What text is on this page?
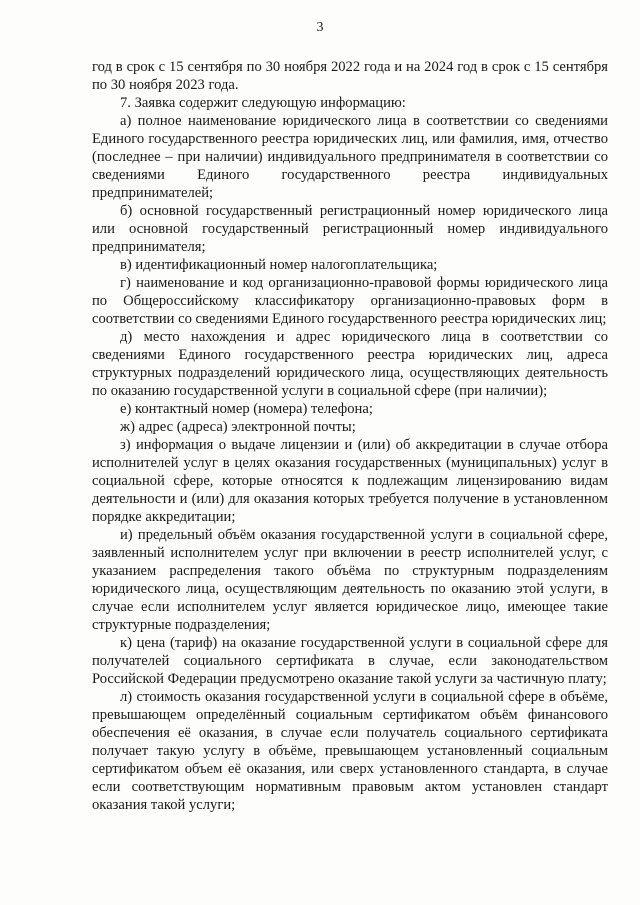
3

год в срок с 15 сентября по 30 ноября 2022 года и на 2024 год в срок с 15 сентября по 30 ноября 2023 года.

7. Заявка содержит следующую информацию:

а) полное наименование юридического лица в соответствии со сведениями Единого государственного реестра юридических лиц, или фамилия, имя, отчество (последнее – при наличии) индивидуального предпринимателя в соответствии со сведениями Единого государственного реестра индивидуальных предпринимателей;

б) основной государственный регистрационный номер юридического лица или основной государственный регистрационный номер индивидуального предпринимателя;

в) идентификационный номер налогоплательщика;

г) наименование и код организационно-правовой формы юридического лица по Общероссийскому классификатору организационно-правовых форм в соответствии со сведениями Единого государственного реестра юридических лиц;

д) место нахождения и адрес юридического лица в соответствии со сведениями Единого государственного реестра юридических лиц, адреса структурных подразделений юридического лица, осуществляющих деятельность по оказанию государственной услуги в социальной сфере (при наличии);

е) контактный номер (номера) телефона;

ж) адрес (адреса) электронной почты;

з) информация о выдаче лицензии и (или) об аккредитации в случае отбора исполнителей услуг в целях оказания государственных (муниципальных) услуг в социальной сфере, которые относятся к подлежащим лицензированию видам деятельности и (или) для оказания которых требуется получение в установленном порядке аккредитации;

и) предельный объём оказания государственной услуги в социальной сфере, заявленный исполнителем услуг при включении в реестр исполнителей услуг, с указанием распределения такого объёма по структурным подразделениям юридического лица, осуществляющим деятельность по оказанию этой услуги, в случае если исполнителем услуг является юридическое лицо, имеющее такие структурные подразделения;

к) цена (тариф) на оказание государственной услуги в социальной сфере для получателей социального сертификата в случае, если законодательством Российской Федерации предусмотрено оказание такой услуги за частичную плату;

л) стоимость оказания государственной услуги в социальной сфере в объёме, превышающем определённый социальным сертификатом объём финансового обеспечения её оказания, в случае если получатель социального сертификата получает такую услугу в объёме, превышающем установленный социальным сертификатом объем её оказания, или сверх установленного стандарта, в случае если соответствующим нормативным правовым актом установлен стандарт оказания такой услуги;
